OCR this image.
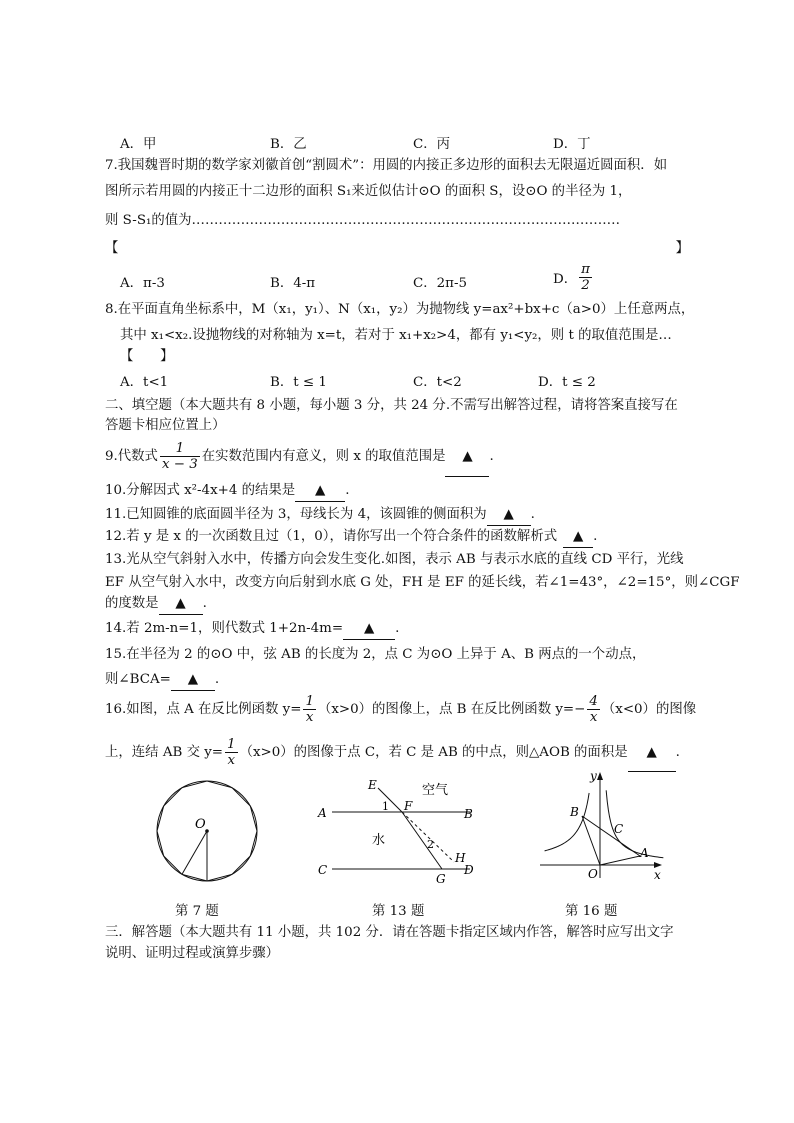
A．甲	B．乙	C．丙	D．丁
7.我国魏晋时期的数学家刘徽首创“割圆术”：用圆的内接正多边形的面积去无限逼近圆面积．如
图所示若用圆的内接正十二边形的面积 S₁来近似估计⊙O 的面积 S，设⊙O 的半径为 1，
则 S-S₁的值为……………………………………………………………………………………
【	】
A．π-3	B．4-π	C．2π-5	D． $\frac{\pi}{2}$
8.在平面直角坐标系中，M（x₁，y₁）、N（x₁，y₂）为抛物线 y=ax²+bx+c（a>0）上任意两点，
其中 x₁<x₂.设抛物线的对称轴为 x=t，若对于 x₁+x₂>4，都有 y₁<y₂，则 t 的取值范围是…
【　　】
A．t<1	B．t ≤ 1	C．t<2	D．t ≤ 2
二、填空题（本大题共有 8 小题，每小题 3 分，共 24 分.不需写出解答过程，请将答案直接写在
答题卡相应位置上）
9.代数式 $\frac{1}{x - 3}$ 在实数范围内有意义，则 x 的取值范围是 ▲ .
10.分解因式 x²-4x+4 的结果是 ▲ .
11.已知圆锥的底面圆半径为 3，母线长为 4，该圆锥的侧面积为 ▲ .
12.若 y 是 x 的一次函数且过（1，0），请你写出一个符合条件的函数解析式 ▲ .
13.光从空气斜射入水中，传播方向会发生变化.如图，表示 AB 与表示水底的直线 CD 平行，光线
EF 从空气射入水中，改变方向后射到水底 G 处，FH 是 EF 的延长线，若∠1=43°，∠2=15°，则∠CGF
的度数是 ▲ .
14.若 2m-n=1，则代数式 1+2n-4m= ▲ .
15.在半径为 2 的⊙O 中，弦 AB 的长度为 2，点 C 为⊙O 上异于 A、B 两点的一个动点，
则∠BCA= ▲ .
16.如图，点 A 在反比例函数 $y= \frac{1}{x} (x>0)$的图像上，点 B 在反比例函数 $y=- \frac{4}{x} (x<0)$的图像
上，连结 AB 交 $y= \frac{1}{x} (x>0)$的图像于点 C，若 C 是 AB 的中点，则△AOB 的面积是 ▲ .
O
第 7 题
E
1 F
空气
A	B
水	2
H
C	D
G
第 13 题
y
B
C
A
O	x
第 16 题
三．解答题（本大题共有 11 小题，共 102 分．请在答题卡指定区域内作答，解答时应写出文字
说明、证明过程或演算步骤）
